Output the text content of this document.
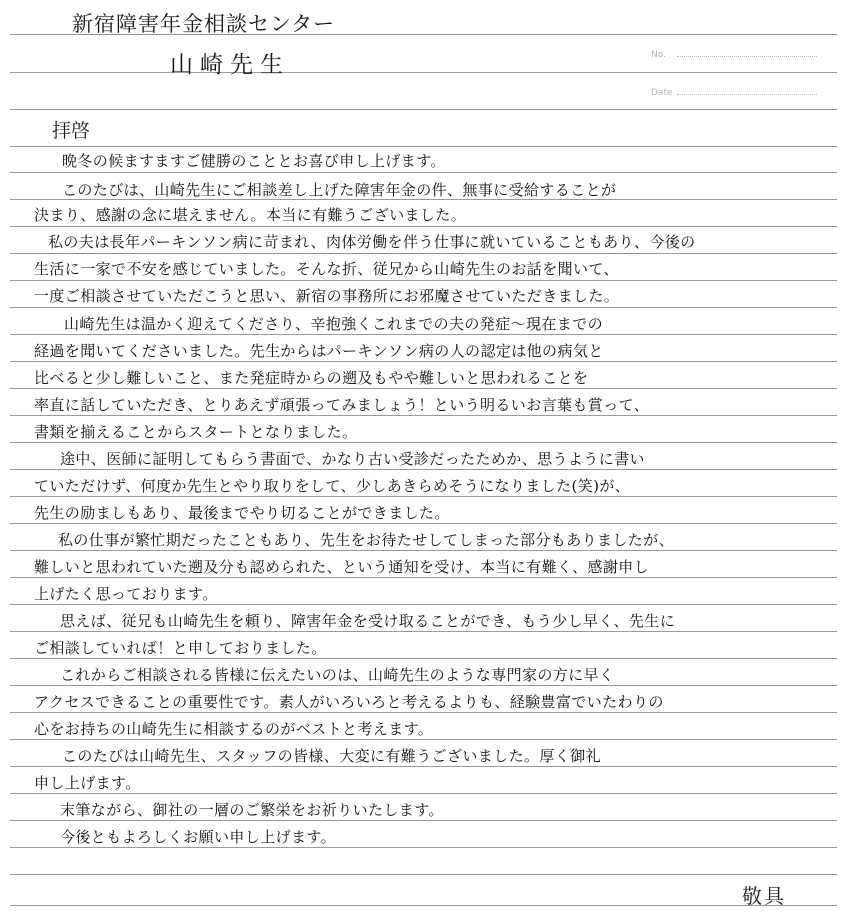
新宿障害年金相談センター
山崎先生	No.
Date
拝啓
晩冬の候ますますご健勝のこととお喜び申し上げます。
このたびは、山崎先生にご相談差し上げた障害年金の件、無事に受給することが
決まり、感謝の念に堪えません。本当に有難うございました。
私の夫は長年パーキンソン病に苛まれ、肉体労働を伴う仕事に就いていることもあり、今後の
生活に一家で不安を感じていました。そんな折、従兄から山崎先生のお話を聞いて、
一度ご相談させていただこうと思い、新宿の事務所にお邪魔させていただきました。
山崎先生は温かく迎えてくださり、辛抱強くこれまでの夫の発症～現在までの
経過を聞いてくださいました。先生からはパーキンソン病の人の認定は他の病気と
比べると少し難しいこと、また発症時からの遡及もやや難しいと思われることを
率直に話していただき、とりあえず頑張ってみましょう！という明るいお言葉も賞って、
書類を揃えることからスタートとなりました。
途中、医師に証明してもらう書面で、かなり古い受診だったためか、思うように書い
ていただけず、何度か先生とやり取りをして、少しあきらめそうになりました(笑)が、
先生の励ましもあり、最後までやり切ることができました。
私の仕事が繁忙期だったこともあり、先生をお待たせしてしまった部分もありましたが、
難しいと思われていた遡及分も認められた、という通知を受け、本当に有難く、感謝申し
上げたく思っております。
思えば、従兄も山崎先生を頼り、障害年金を受け取ることができ、もう少し早く、先生に
ご相談していれば！と申しておりました。
これからご相談される皆様に伝えたいのは、山崎先生のような専門家の方に早く
アクセスできることの重要性です。素人がいろいろと考えるよりも、経験豊富でいたわりの
心をお持ちの山崎先生に相談するのがベストと考えます。
このたびは山崎先生、スタッフの皆様、大変に有難うございました。厚く御礼
申し上げます。
末筆ながら、御社の一層のご繁栄をお祈りいたします。
今後ともよろしくお願い申し上げます。
敬具
